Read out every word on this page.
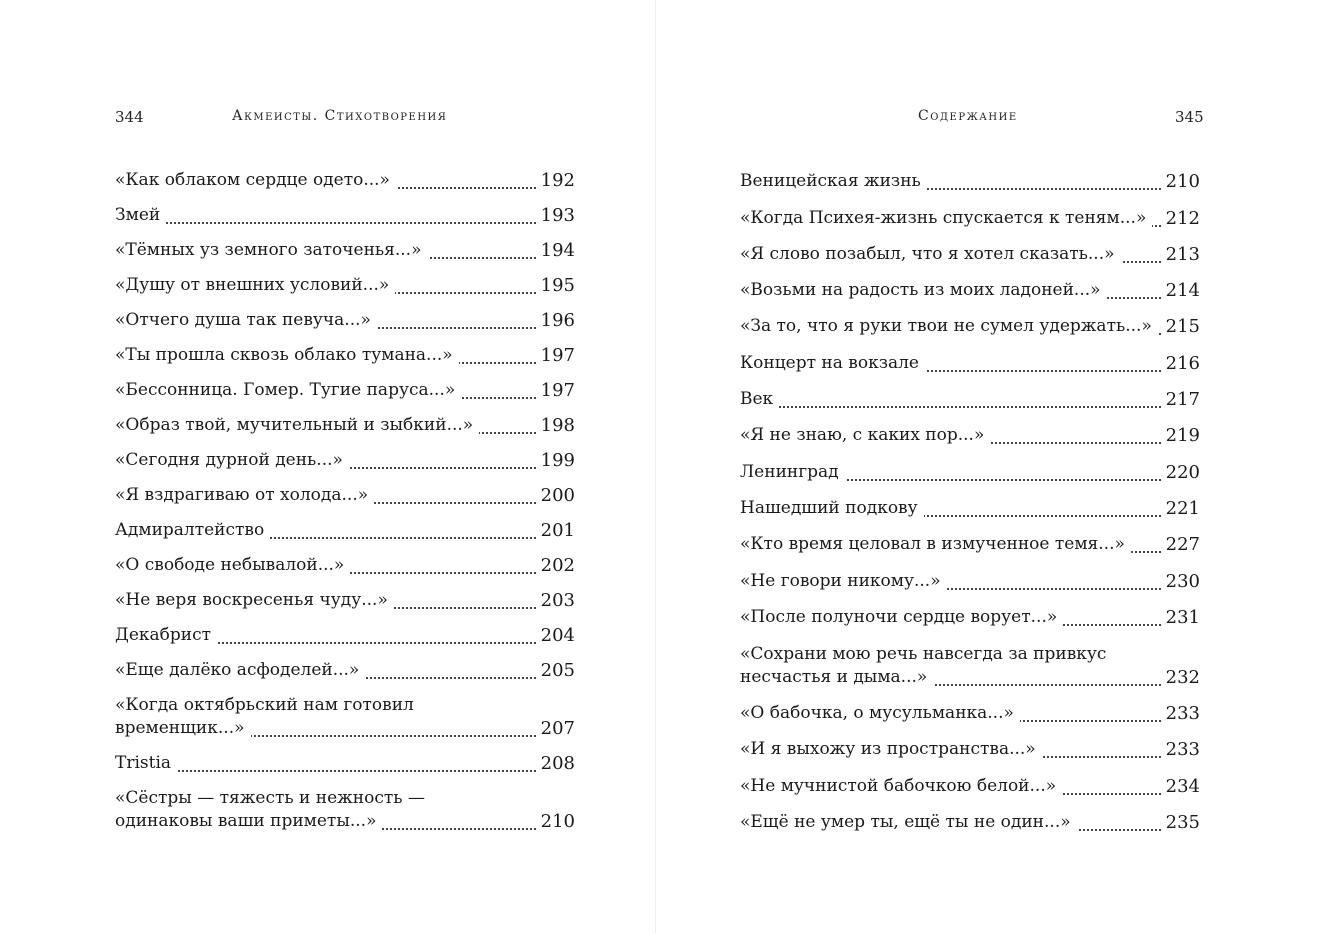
344	Акмеисты. Стихотворения
«Как облаком сердце одето...»	192
Змей	193
«Тёмных уз земного заточенья...»	194
«Душу от внешних условий...»	195
«Отчего душа так певуча...»	196
«Ты прошла сквозь облако тумана...»	197
«Бессонница. Гомер. Тугие паруса...»	197
«Образ твой, мучительный и зыбкий...»	198
«Сегодня дурной день...»	199
«Я вздрагиваю от холода...»	200
Адмиралтейство	201
«О свободе небывалой...»	202
«Не веря воскресенья чуду...»	203
Декабрист	204
«Еще далёко асфоделей...»	205
«Когда октябрьский нам готовил
временщик...»	207
Tristia	208
«Сёстры — тяжесть и нежность —
одинаковы ваши приметы...»	210
Содержание	345
Веницейская жизнь	210
«Когда Психея-жизнь спускается к теням...» 212
«Я слово позабыл, что я хотел сказать...»	213
«Возьми на радость из моих ладоней...»	214
«За то, что я руки твои не сумел удержать...» 215
Концерт на вокзале	216
Век	217
«Я не знаю, с каких пор...»	219
Ленинград	220
Нашедший подкову	221
«Кто время целовал в измученное темя...» 227
«Не говори никому...»	230
«После полуночи сердце ворует...»	231
«Сохрани мою речь навсегда за привкус
несчастья и дыма...»	232
«О бабочка, о мусульманка...»	233
«И я выхожу из пространства...»	233
«Не мучнистой бабочкою белой...»	234
«Ещё не умер ты, ещё ты не один...»	235
